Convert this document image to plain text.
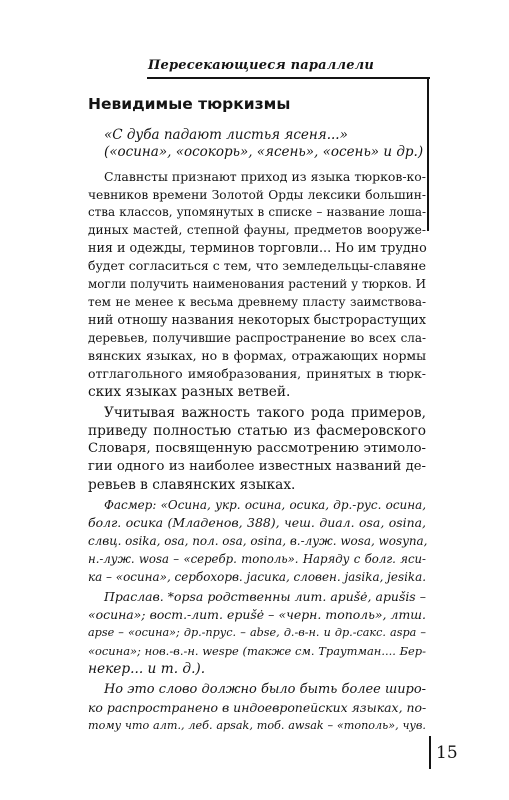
Пересекающиеся параллели
Невидимые тюркизмы
«С дуба падают листья ясеня...»
(«осина», «осокорь», «ясень», «осень» и др.)
Славнсты признают приход из языка тюрков-ко-
чевников времени Золотой Орды лексики большин-
ства классов, упомянутых в списке – название лоша-
диных мастей, степной фауны, предметов вооруже-
ния и одежды, терминов торговли... Но им трудно
будет согласиться с тем, что земледельцы-славяне
могли получить наименования растений у тюрков. И
тем не менее к весьма древнему пласту заимствова-
ний отношу названия некоторых быстрорастущих
деревьев, получившие распространение во всех сла-
вянских языках, но в формах, отражающих нормы
отглагольного имяобразования, принятых в тюрк-
ских языках разных ветвей.
Учитывая важность такого рода примеров,
приведу полностью статью из фасмеровского
Словаря, посвященную рассмотрению этимоло-
гии одного из наиболее известных названий де-
ревьев в славянских языках.
Фасмер: «Осина, укр. осина, осика, др.-рус. осина,
болг. осика (Младенов, 388), чеш. диал. osa, osina,
слвц. osika, osa, пол. osa, osina, в.-луж. wosa, wosyna,
н.-луж. wosa – «cеребр. тополь». Наряду с болг. яси-
ка – «осина», сербохорв. jaсика, словен. jasika, jesika.
Праслав. *opsa родственны лит. apušė, apušis –
«осина»; вост.-лит. epušė – «черн. тополь», лтш.
apse – «осина»; др.-прус. – abse, д.-в-н. и др.-сакс. aspa –
«осина»; нов.-в.-н. wespe (также см. Траутман.... Бер-
некер... и т. д.).
Но это слово должно было быть более широ-
ко распространено в индоевропейских языках, по-
тому что алт., леб. apsak, тоб. awsak – «тополь», чув.
15
